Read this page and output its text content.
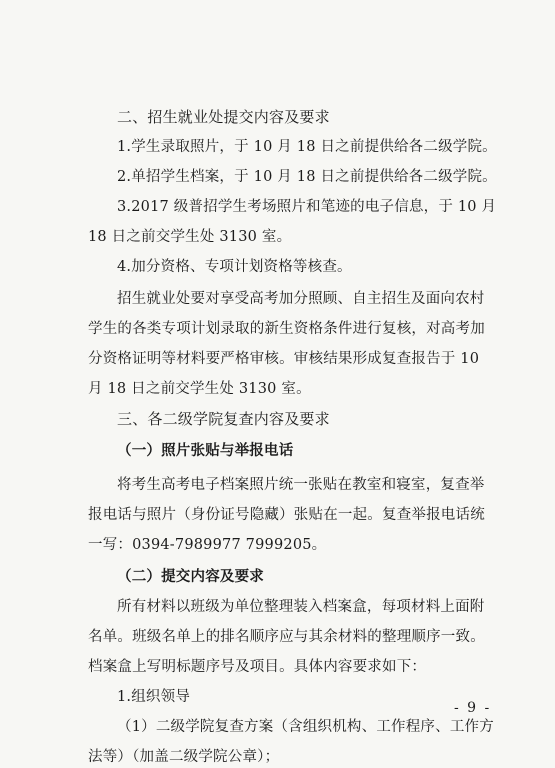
二、招生就业处提交内容及要求
1.学生录取照片，于 10 月 18 日之前提供给各二级学院。
2.单招学生档案，于 10 月 18 日之前提供给各二级学院。
3.2017 级普招学生考场照片和笔迹的电子信息，于 10 月
18 日之前交学生处 3130 室。
4.加分资格、专项计划资格等核查。
招生就业处要对享受高考加分照顾、自主招生及面向农村
学生的各类专项计划录取的新生资格条件进行复核，对高考加
分资格证明等材料要严格审核。审核结果形成复查报告于 10
月 18 日之前交学生处 3130 室。
三、各二级学院复查内容及要求
（一）照片张贴与举报电话
将考生高考电子档案照片统一张贴在教室和寝室，复查举
报电话与照片（身份证号隐藏）张贴在一起。复查举报电话统
一写：0394-7989977 7999205。
（二）提交内容及要求
所有材料以班级为单位整理装入档案盒，每项材料上面附
名单。班级名单上的排名顺序应与其余材料的整理顺序一致。
档案盒上写明标题序号及项目。具体内容要求如下：
1.组织领导
（1）二级学院复查方案（含组织机构、工作程序、工作方
法等）（加盖二级学院公章）；
- 9 -
